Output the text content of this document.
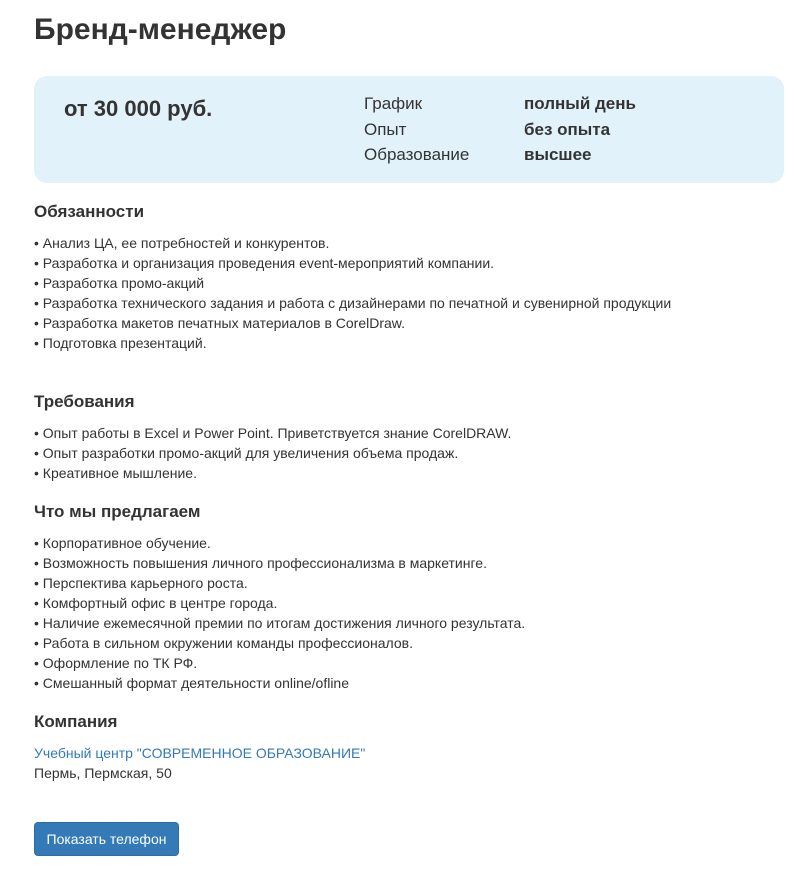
Бренд-менеджер
от 30 000 руб.	График	полный день
Опыт	без опыта
Образование	высшее
Обязанности
• Анализ ЦА, ее потребностей и конкурентов.
• Разработка и организация проведения event-мероприятий компании.
• Разработка промо-акций
• Разработка технического задания и работа с дизайнерами по печатной и сувенирной продукции
• Разработка макетов печатных материалов в CorelDraw.
• Подготовка презентаций.
Требования
• Опыт работы в Excel и Power Point. Приветствуется знание CorelDRAW.
• Опыт разработки промо-акций для увеличения объема продаж.
• Креативное мышление.
Что мы предлагаем
• Корпоративное обучение.
• Возможность повышения личного профессионализма в маркетинге.
• Перспектива карьерного роста.
• Комфортный офис в центре города.
• Наличие ежемесячной премии по итогам достижения личного результата.
• Работа в сильном окружении команды профессионалов.
• Оформление по ТК РФ.
• Смешанный формат деятельности online/ofline
Компания
Учебный центр "СОВРЕМЕННОЕ ОБРАЗОВАНИЕ"
Пермь, Пермская, 50
Показать телефон
